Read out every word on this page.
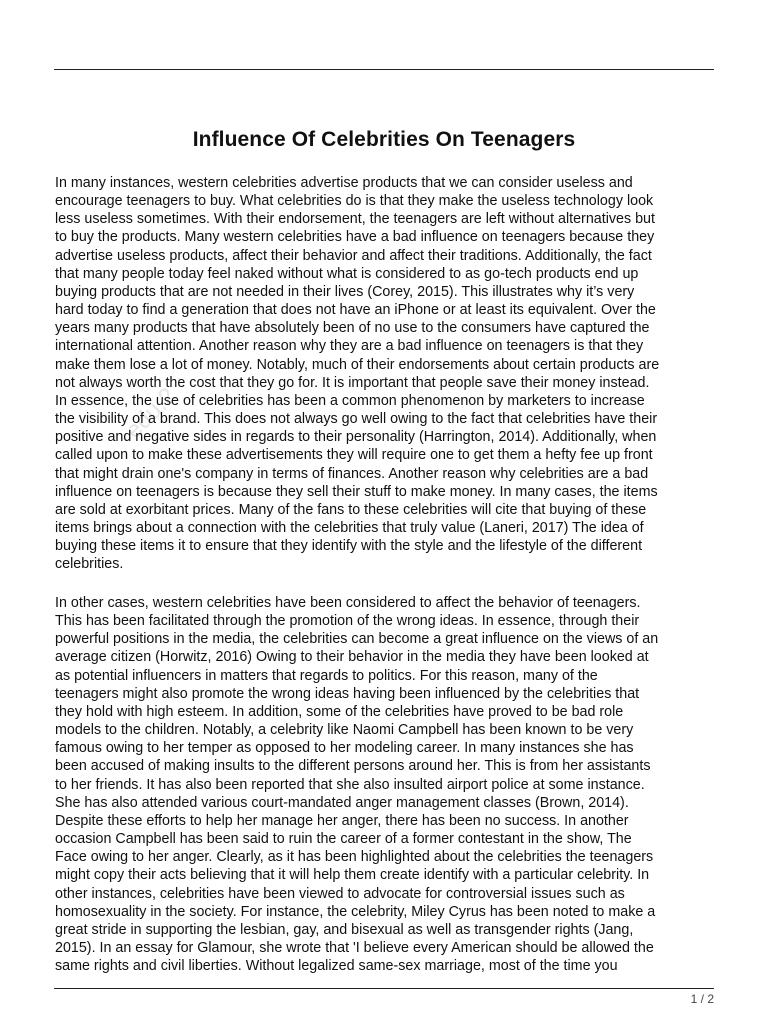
edu.2
Influence Of Celebrities On Teenagers
In many instances, western celebrities advertise products that we can consider useless and
encourage teenagers to buy. What celebrities do is that they make the useless technology look
less useless sometimes. With their endorsement, the teenagers are left without alternatives but
to buy the products. Many western celebrities have a bad influence on teenagers because they
advertise useless products, affect their behavior and affect their traditions. Additionally, the fact
that many people today feel naked without what is considered to as go-tech products end up
buying products that are not needed in their lives (Corey, 2015). This illustrates why it’s very
hard today to find a generation that does not have an iPhone or at least its equivalent. Over the
years many products that have absolutely been of no use to the consumers have captured the
international attention. Another reason why they are a bad influence on teenagers is that they
make them lose a lot of money. Notably, much of their endorsements about certain products are
not always worth the cost that they go for. It is important that people save their money instead.
In essence, the use of celebrities has been a common phenomenon by marketers to increase
the visibility of a brand. This does not always go well owing to the fact that celebrities have their
positive and negative sides in regards to their personality (Harrington, 2014). Additionally, when
called upon to make these advertisements they will require one to get them a hefty fee up front
that might drain one's company in terms of finances. Another reason why celebrities are a bad
influence on teenagers is because they sell their stuff to make money. In many cases, the items
are sold at exorbitant prices. Many of the fans to these celebrities will cite that buying of these
items brings about a connection with the celebrities that truly value (Laneri, 2017) The idea of
buying these items it to ensure that they identify with the style and the lifestyle of the different
celebrities.
In other cases, western celebrities have been considered to affect the behavior of teenagers.
This has been facilitated through the promotion of the wrong ideas. In essence, through their
powerful positions in the media, the celebrities can become a great influence on the views of an
average citizen (Horwitz, 2016) Owing to their behavior in the media they have been looked at
as potential influencers in matters that regards to politics. For this reason, many of the
teenagers might also promote the wrong ideas having been influenced by the celebrities that
they hold with high esteem. In addition, some of the celebrities have proved to be bad role
models to the children. Notably, a celebrity like Naomi Campbell has been known to be very
famous owing to her temper as opposed to her modeling career. In many instances she has
been accused of making insults to the different persons around her. This is from her assistants
to her friends. It has also been reported that she also insulted airport police at some instance.
She has also attended various court-mandated anger management classes (Brown, 2014).
Despite these efforts to help her manage her anger, there has been no success. In another
occasion Campbell has been said to ruin the career of a former contestant in the show, The
Face owing to her anger. Clearly, as it has been highlighted about the celebrities the teenagers
might copy their acts believing that it will help them create identify with a particular celebrity. In
other instances, celebrities have been viewed to advocate for controversial issues such as
homosexuality in the society. For instance, the celebrity, Miley Cyrus has been noted to make a
great stride in supporting the lesbian, gay, and bisexual as well as transgender rights (Jang,
2015). In an essay for Glamour, she wrote that 'I believe every American should be allowed the
same rights and civil liberties. Without legalized same-sex marriage, most of the time you
1 / 2
